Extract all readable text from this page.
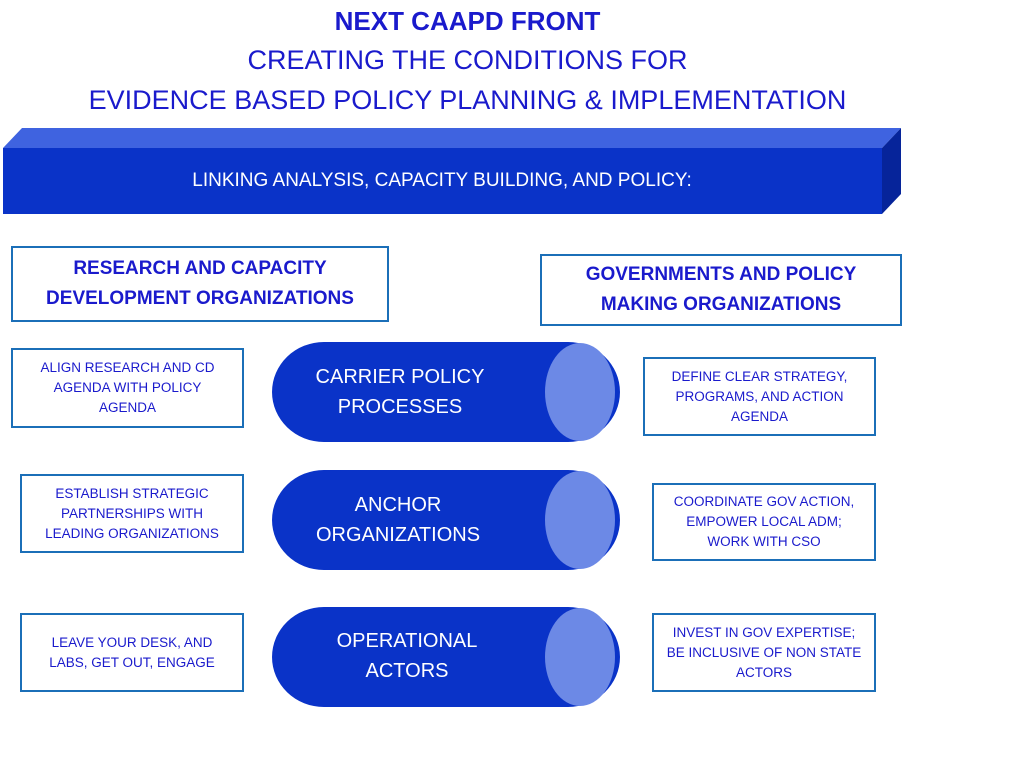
NEXT CAAPD FRONT
CREATING THE CONDITIONS FOR
EVIDENCE BASED POLICY PLANNING & IMPLEMENTATION
LINKING ANALYSIS, CAPACITY BUILDING, AND POLICY:
RESEARCH AND CAPACITY
DEVELOPMENT ORGANIZATIONS
GOVERNMENTS AND POLICY
MAKING ORGANIZATIONS
ALIGN RESEARCH AND CD
AGENDA WITH POLICY
AGENDA
CARRIER POLICY
PROCESSES
DEFINE CLEAR STRATEGY,
PROGRAMS, AND ACTION
AGENDA
ESTABLISH STRATEGIC
PARTNERSHIPS WITH
LEADING ORGANIZATIONS
ANCHOR
ORGANIZATIONS
COORDINATE GOV ACTION,
EMPOWER LOCAL ADM;
WORK WITH CSO
LEAVE YOUR DESK, AND
LABS, GET OUT, ENGAGE
OPERATIONAL
ACTORS
INVEST IN GOV EXPERTISE;
BE INCLUSIVE OF NON STATE
ACTORS
